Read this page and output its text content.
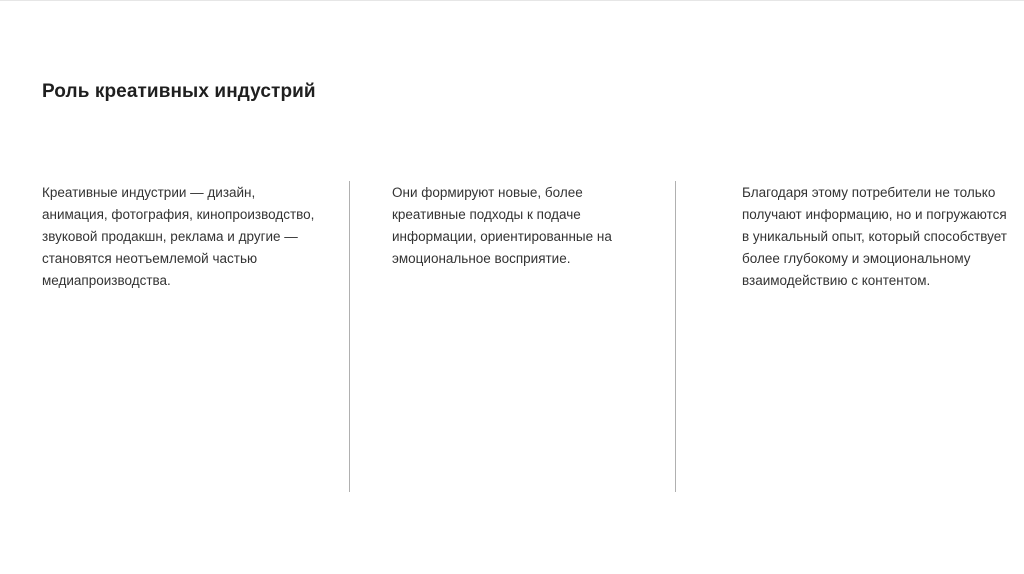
Роль креативных индустрий

Креативные индустрии — дизайн, анимация, фотография, кинопроизводство, звуковой продакшн, реклама и другие — становятся неотъемлемой частью медиапроизводства.

Они формируют новые, более креативные подходы к подаче информации, ориентированные на эмоциональное восприятие.

Благодаря этому потребители не только получают информацию, но и погружаются в уникальный опыт, который способствует более глубокому и эмоциональному взаимодействию с контентом.
